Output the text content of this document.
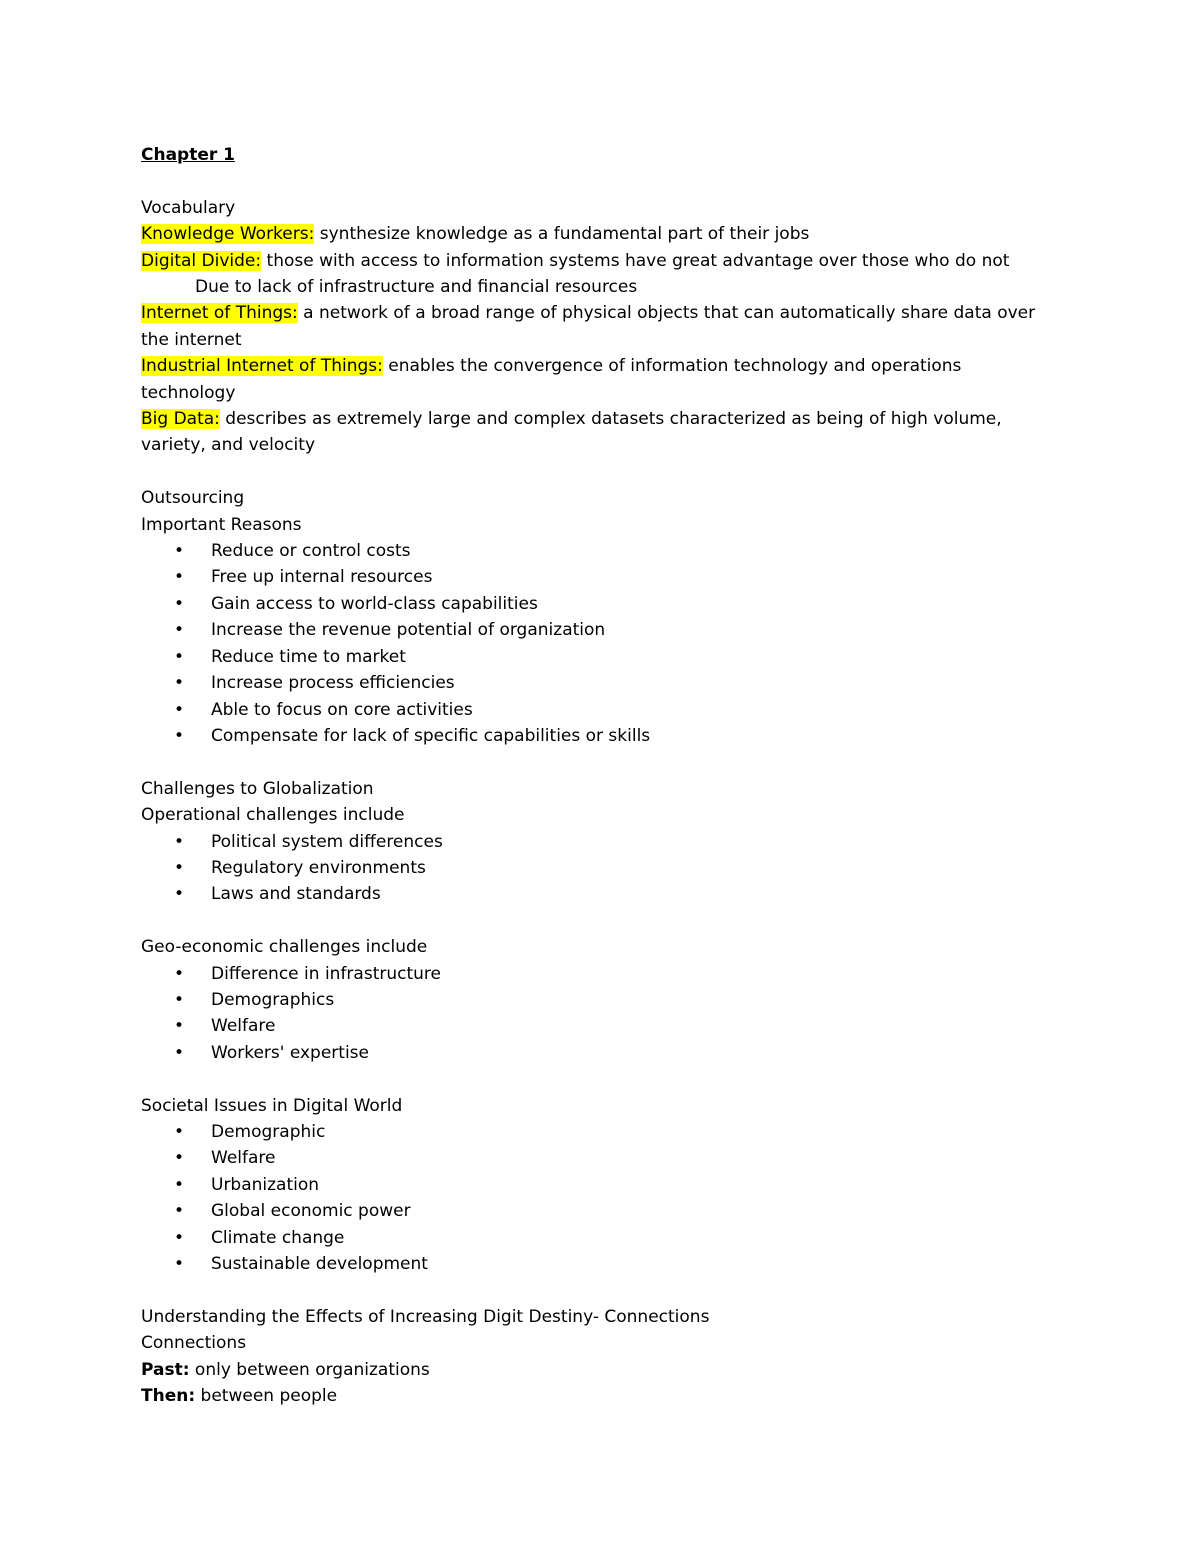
Chapter 1

Vocabulary

Knowledge Workers: synthesize knowledge as a fundamental part of their jobs

Digital Divide: those with access to information systems have great advantage over those who do not

Due to lack of infrastructure and financial resources

Internet of Things: a network of a broad range of physical objects that can automatically share data over the internet

Industrial Internet of Things: enables the convergence of information technology and operations technology

Big Data: describes as extremely large and complex datasets characterized as being of high volume, variety, and velocity

Outsourcing

Important Reasons

• Reduce or control costs
• Free up internal resources
• Gain access to world-class capabilities
• Increase the revenue potential of organization
• Reduce time to market
• Increase process efficiencies
• Able to focus on core activities
• Compensate for lack of specific capabilities or skills

Challenges to Globalization

Operational challenges include

• Political system differences
• Regulatory environments
• Laws and standards

Geo-economic challenges include

• Difference in infrastructure
• Demographics
• Welfare
• Workers' expertise

Societal Issues in Digital World

• Demographic
• Welfare
• Urbanization
• Global economic power
• Climate change
• Sustainable development

Understanding the Effects of Increasing Digit Destiny- Connections

Connections

Past: only between organizations

Then: between people
